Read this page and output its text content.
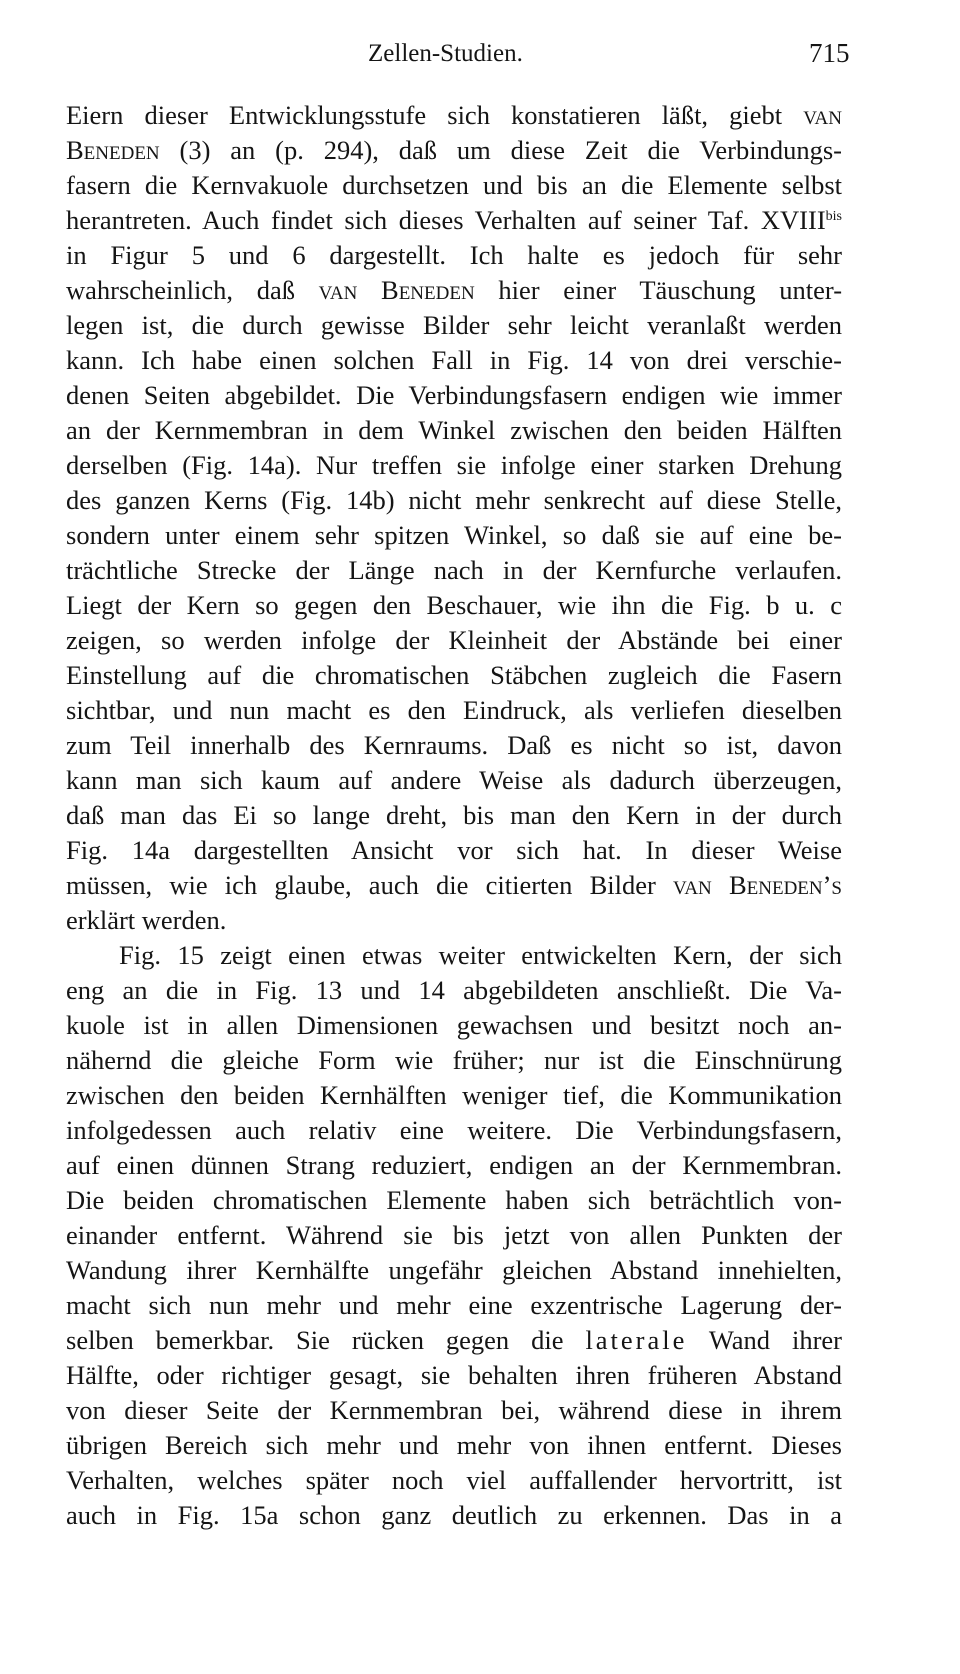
Zellen-Studien.	715
Eiern dieser Entwicklungsstufe sich konstatieren läßt, giebt van
Beneden (3) an (p. 294), daß um diese Zeit die Verbindungs-
fasern die Kernvakuole durchsetzen und bis an die Elemente selbst
herantreten. Auch findet sich dieses Verhalten auf seiner Taf. $XVIII^{bis}$
in Figur 5 und 6 dargestellt. Ich halte es jedoch für sehr
wahrscheinlich, daß van Beneden hier einer Täuschung unter-
legen ist, die durch gewisse Bilder sehr leicht veranlaßt werden
kann. Ich habe einen solchen Fall in Fig. 14 von drei verschie-
denen Seiten abgebildet. Die Verbindungsfasern endigen wie immer
an der Kernmembran in dem Winkel zwischen den beiden Hälften
derselben (Fig. 14a). Nur treffen sie infolge einer starken Drehung
des ganzen Kerns (Fig. 14b) nicht mehr senkrecht auf diese Stelle,
sondern unter einem sehr spitzen Winkel, so daß sie auf eine be-
trächtliche Strecke der Länge nach in der Kernfurche verlaufen.
Liegt der Kern so gegen den Beschauer, wie ihn die Fig. b u. c
zeigen, so werden infolge der Kleinheit der Abstände bei einer
Einstellung auf die chromatischen Stäbchen zugleich die Fasern
sichtbar, und nun macht es den Eindruck, als verliefen dieselben
zum Teil innerhalb des Kernraums. Daß es nicht so ist, davon
kann man sich kaum auf andere Weise als dadurch überzeugen,
daß man das Ei so lange dreht, bis man den Kern in der durch
Fig. 14a dargestellten Ansicht vor sich hat. In dieser Weise
müssen, wie ich glaube, auch die citierten Bilder van Beneden’s
erklärt werden.
Fig. 15 zeigt einen etwas weiter entwickelten Kern, der sich
eng an die in Fig. 13 und 14 abgebildeten anschließt. Die Va-
kuole ist in allen Dimensionen gewachsen und besitzt noch an-
nähernd die gleiche Form wie früher; nur ist die Einschnürung
zwischen den beiden Kernhälften weniger tief, die Kommunikation
infolgedessen auch relativ eine weitere. Die Verbindungsfasern,
auf einen dünnen Strang reduziert, endigen an der Kernmembran.
Die beiden chromatischen Elemente haben sich beträchtlich von-
einander entfernt. Während sie bis jetzt von allen Punkten der
Wandung ihrer Kernhälfte ungefähr gleichen Abstand innehielten,
macht sich nun mehr und mehr eine exzentrische Lagerung der-
selben bemerkbar. Sie rücken gegen die laterale Wand ihrer
Hälfte, oder richtiger gesagt, sie behalten ihren früheren Abstand
von dieser Seite der Kernmembran bei, während diese in ihrem
übrigen Bereich sich mehr und mehr von ihnen entfernt. Dieses
Verhalten, welches später noch viel auffallender hervortritt, ist
auch in Fig. 15a schon ganz deutlich zu erkennen. Das in a
